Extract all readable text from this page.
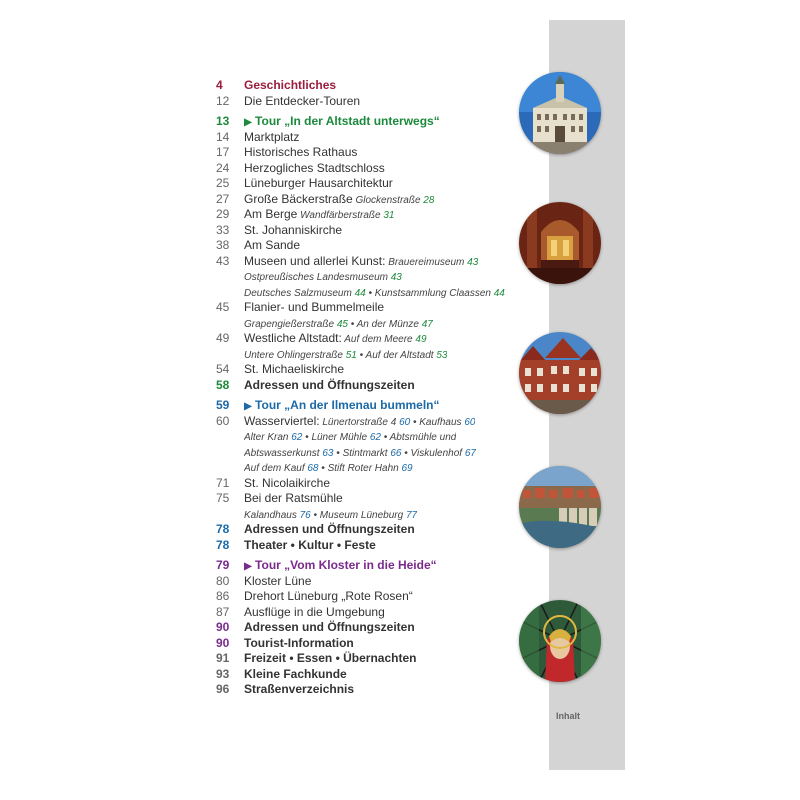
Inhalt
4	Geschichtliches
12	Die Entdecker-Touren
13	▶ Tour „In der Altstadt unterwegs“
14	Marktplatz
17	Historisches Rathaus
24	Herzogliches Stadtschloss
25	Lüneburger Hausarchitektur
27	Große Bäckerstraße Glockenstraße 28
29	Am Berge Wandfärberstraße 31
33	St. Johanniskirche
38	Am Sande
43	Museen und allerlei Kunst: Brauereimuseum 43
Ostpreußisches Landesmuseum 43
Deutsches Salzmuseum 44 • Kunstsammlung Claassen 44
45	Flanier- und Bummelmeile
Grapengießerstraße 45 • An der Münze 47
49	Westliche Altstadt: Auf dem Meere 49
Untere Ohlingerstraße 51 • Auf der Altstadt 53
54	St. Michaeliskirche
58	Adressen und Öffnungszeiten
59	▶ Tour „An der Ilmenau bummeln“
60	Wasserviertel: Lünertorstraße 4 60 • Kaufhaus 60
Alter Kran 62 • Lüner Mühle 62 • Abtsmühle und
Abtswasserkunst 63 • Stintmarkt 66 • Viskulenhof 67
Auf dem Kauf 68 • Stift Roter Hahn 69
71	St. Nicolaikirche
75	Bei der Ratsmühle
Kalandhaus 76 • Museum Lüneburg 77
78	Adressen und Öffnungszeiten
78	Theater • Kultur • Feste
79	▶ Tour „Vom Kloster in die Heide“
80	Kloster Lüne
86	Drehort Lüneburg „Rote Rosen“
87	Ausflüge in die Umgebung
90	Adressen und Öffnungszeiten
90	Tourist-Information
91	Freizeit • Essen • Übernachten
93	Kleine Fachkunde
96	Straßenverzeichnis
